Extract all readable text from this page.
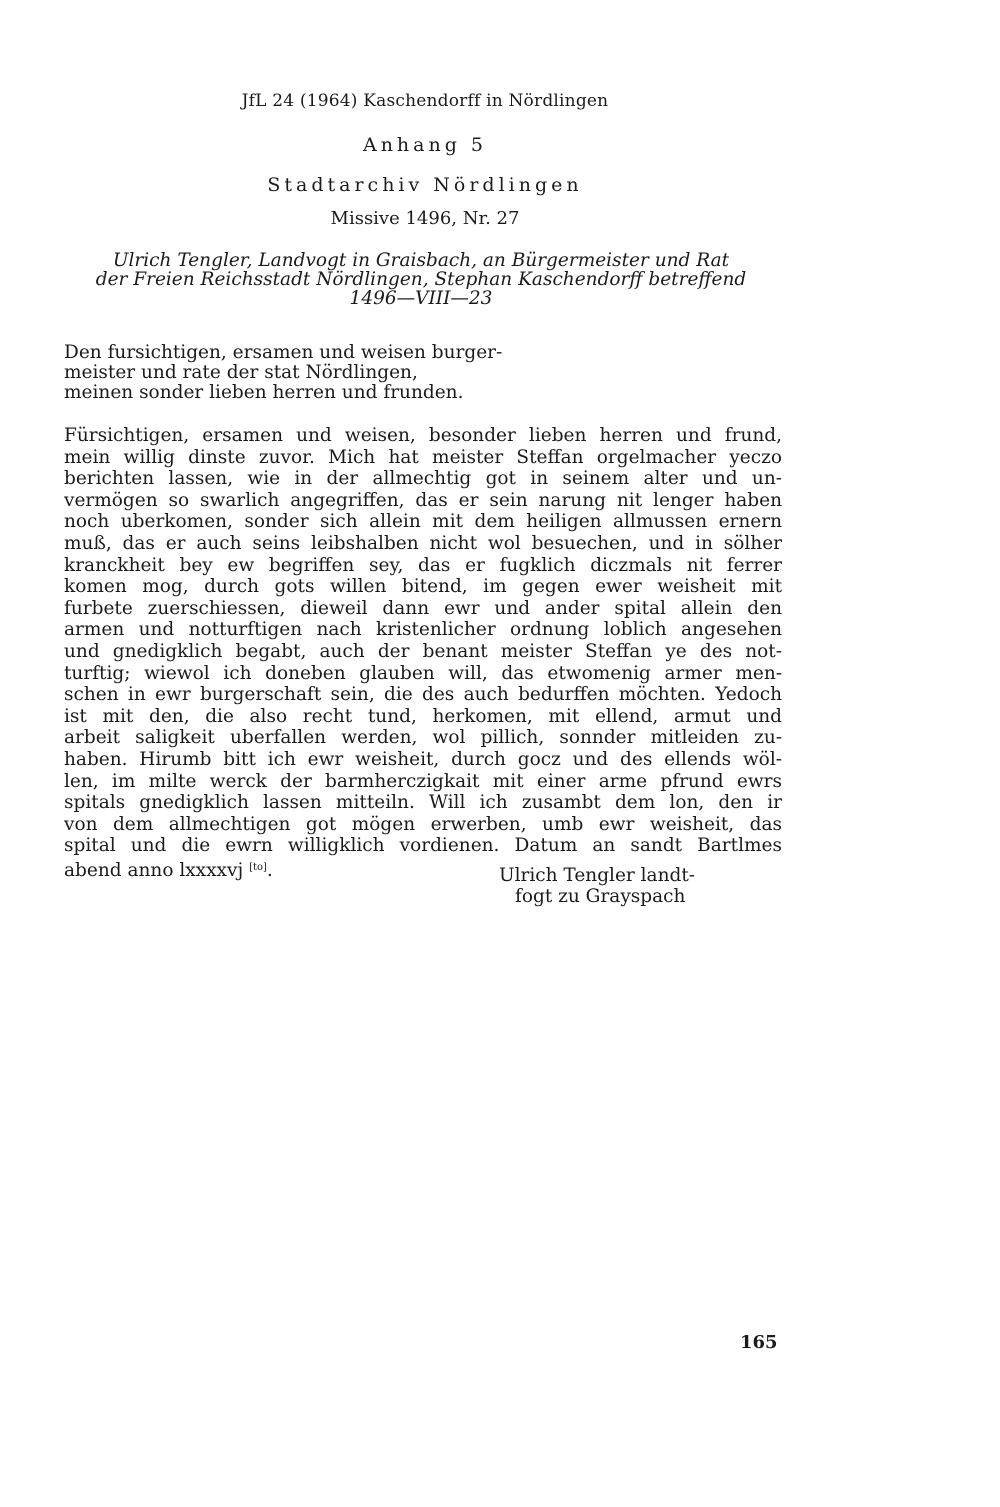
JfL 24 (1964) Kaschendorff in Nördlingen
Anhang 5
Stadtarchiv Nördlingen
Missive 1496, Nr. 27
Ulrich Tengler, Landvogt in Graisbach, an Bürgermeister und Rat
der Freien Reichsstadt Nördlingen, Stephan Kaschendorff betreffend
1496—VIII—23
Den fursichtigen, ersamen und weisen burger-
meister und rate der stat Nördlingen,
meinen sonder lieben herren und frunden.
Fürsichtigen, ersamen und weisen, besonder lieben herren und frund,
mein willig dinste zuvor. Mich hat meister Steffan orgelmacher yeczo
berichten lassen, wie in der allmechtig got in seinem alter und un-
vermögen so swarlich angegriffen, das er sein narung nit lenger haben
noch uberkomen, sonder sich allein mit dem heiligen allmussen ernern
muß, das er auch seins leibshalben nicht wol besuechen, und in sölher
kranckheit bey ew begriffen sey, das er fugklich diczmals nit ferrer
komen mog, durch gots willen bitend, im gegen ewer weisheit mit
furbete zuerschiessen, dieweil dann ewr und ander spital allein den
armen und notturftigen nach kristenlicher ordnung loblich angesehen
und gnedigklich begabt, auch der benant meister Steffan ye des not-
turftig; wiewol ich doneben glauben will, das etwomenig armer men-
schen in ewr burgerschaft sein, die des auch bedurffen möchten. Yedoch
ist mit den, die also recht tund, herkomen, mit ellend, armut und
arbeit saligkeit uberfallen werden, wol pillich, sonnder mitleiden zu-
haben. Hirumb bitt ich ewr weisheit, durch gocz und des ellends wöl-
len, im milte werck der barmherczigkait mit einer arme pfrund ewrs
spitals gnedigklich lassen mitteiln. Will ich zusambt dem lon, den ir
von dem allmechtigen got mögen erwerben, umb ewr weisheit, das
spital und die ewrn willigklich vordienen. Datum an sandt Bartlmes
abend anno lxxxxvj [to].	Ulrich Tengler landt-
fogt zu Grayspach
165
